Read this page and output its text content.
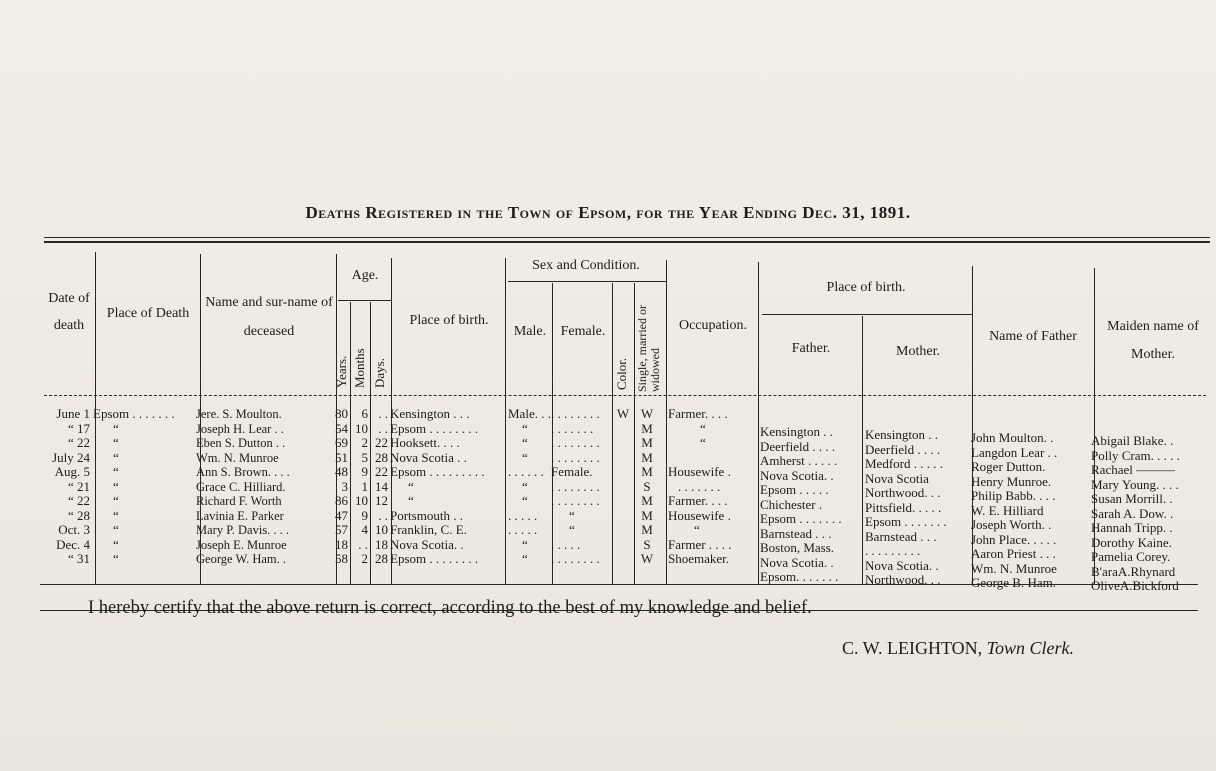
Deaths Registered in the Town of Epsom, for the Year Ending Dec. 31, 1891.
Date of death
Place of Death
Name and sur-name of deceased
Age.
Years. Months Days.
Place of birth.
Sex and Condition.
Male.	Female.
Color. Single, married or widowed
Occupation.
Place of birth.
Father.	Mother.
Name of Father
Maiden name of Mother.
June 1
“ 17
“ 22
July 24
Aug. 5
“ 21
“ 22
“ 28
Oct. 3
Dec. 4
“ 31
Epsom . . . . . . .
“
“
“
“
“
“
“
“
“
“
Jere. S. Moulton.
Joseph H. Lear . .
Eben S. Dutton . .
Wm. N. Munroe
Ann S. Brown. . . .
Grace C. Hilliard.
Richard F. Worth
Lavinia E. Parker
Mary P. Davis. . . .
Joseph E. Munroe
George W. Ham. .
80
54
69
51
48
3
86
47
57
18
58
6
10
2
5
9
1
10
9
4
. .
2
. .
. .
22
28
22
14
12
. .
10
18
28
Kensington . . .
Epsom . . . . . . . .
Hooksett. . . .
Nova Scotia . .
Epsom . . . . . . . . .
“
“
Portsmouth . .
Franklin, C. E.
Nova Scotia. .
Epsom . . . . . . . .
Male. . .
“
“
“
. . . . . .
“
“
. . . . .
. . . . .
“
“
. . . . . . . .
. . . . . . .
. . . . . . . .
. . . . . . . .
Female.
. . . . . . . .
. . . . . . . .
“
“
. . . . .
. . . . . . . .
W W
M
M
M
M
S
M
M
M
S
W
Farmer. . . .
“
“
Housewife .
. . . . . . .
Farmer. . . .
Housewife .
“
Farmer . . . .
Shoemaker.
Kensington . .
Deerfield . . . .
Amherst . . . . .
Nova Scotia. .
Epsom . . . . .
Chichester .
Epsom . . . . . . .
Barnstead . . .
Boston, Mass.
Nova Scotia. .
Epsom. . . . . . .
Kensington . .
Deerfield . . . .
Medford . . . . .
Nova Scotia
Northwood. . .
Pittsfield. . . . .
Epsom . . . . . . .
Barnstead . . .
. . . . . . . . .
Nova Scotia. .
Northwood. . .
John Moulton. .
Langdon Lear . .
Roger Dutton.
Henry Munroe.
Philip Babb. . . .
W. E. Hilliard
Joseph Worth. .
John Place. . . . .
Aaron Priest . . .
Wm. N. Munroe
George B. Ham.
Abigail Blake. .
Polly Cram. . . . .
Rachael ———
Mary Young. . . .
Susan Morrill. .
Sarah A. Dow. .
Hannah Tripp. .
Dorothy Kaine.
Pamelia Corey.
B'araA.Rhynard
OliveA.Bickford
I hereby certify that the above return is correct, according to the best of my knowledge and belief.
C. W. LEIGHTON, Town Clerk.
